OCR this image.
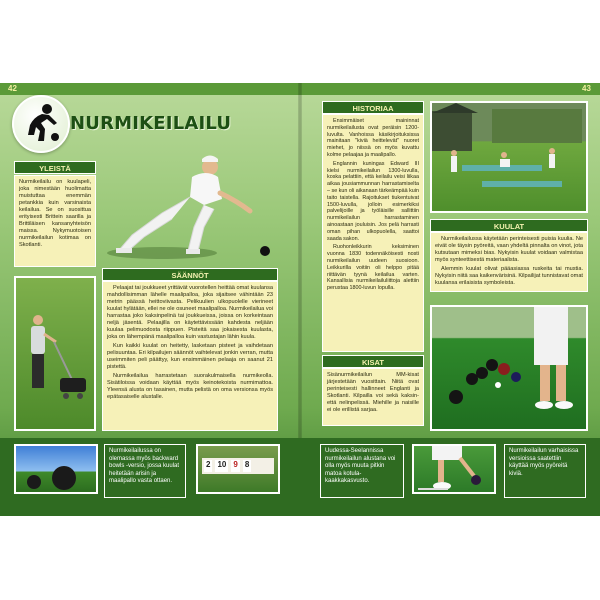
42	43
NURMIKEILAILU
YLEISTÄ
Nurmikeilailu on kuulapeli, joka nimestään huolimatta muistuttaa enemmän petankkia kuin varsinaista keilailua. Se on suosittua erityisesti Brittein saarilla ja Brittiläisen kansanyhteisön maissa. Nykymuotoisen nurmikeilailun kotimaa on Skotlanti.
SÄÄNNÖT

Pelaajat tai joukkueet yrittävät vuorotellen heittää omat kuulansa mahdollisimman lähelle maalipalloa, joka sijaitsee vähintään 23 metrin päässä heittoviivasta. Pelikuulien ulkopuolelle vierineet kuulat hylätään, ellei ne ole osuneet maalipalloa. Nurmikeilailua voi harrastaa joko kaksinpelinä tai joukkueissa, joissa on korkeintaan neljä jäsentä. Pelaajilla on käytettävissään kahdesta neljään kuulaa pelimuodosta riippuen. Pisteitä saa jokaisesta kuulasta, joka on lähempänä maalipalloa kuin vastustajan lähin kuula.

Kun kaikki kuulat on heitetty, lasketaan pisteet ja vaihdetaan pelisuuntaa. Eri kilpailujen säännöt vaihtelevat jonkin verran, mutta useimmiten peli päättyy, kun ensimmäinen pelaaja on saanut 21 pistettä.

Nurmikeilailua harrastetaan suorakulmaisella nurmikeolla. Sisätiloissa voidaan käyttää myös keinotekoista nurmimattoa. Yleensä alusta on tasainen, mutta pelistä on oma versionsa myös epätasaiselle alustalle.

HISTORIAA

Ensimmäiset maininnat nurmikeilailusta ovat peräisin 1200-luvulta. Vanhoissa käsikirjoituksissa mainitaan "kiviä heittelevät" nuoret miehet, jo niissä on myös kuvattu kolme pelaajaa ja maalipallo.

Englannin kuningas Edward III kielsi nurmikeilailun 1300-luvulla, koska pelattiin, että keilailu veisi liikaa aikaa jousiammunnan harrastamiselta – se kun oli aikanaan tärkeämpää kuin taito taistella. Rajoitukset tiukentuivat 1500-luvulla, jolloin esimerkiksi palvelijoille ja työläisille sallittiin nurmikeilailun harrastaminen ainoastaan jouluisin. Jos pelä harrasti oman pihan ulkopuolella, saattoi saada sakon.

Ruohonleikkurin keksiminen vuonna 1830 todennäköisesti nosti nurmikeilailun uudeen suosioon. Leikkurilla voitiin oli helppo pitää riittävän tyynä keilailua varten. Kansallisia nurmikeilailuliittoja alettiin perustaa 1800-luvun lopulla.

KISAT
Sisänurmikeilailun MM-kisat järjestetään vuosittain. Niitä ovat perinteisesti hallinneet Englanti ja Skotlanti. Kilpailla voi sekä kaksin- että nelinpelissä. Miehille ja naisille ei ole erillistä sarjaa.
KUULAT

Nurmikeilailussa käytetään perinteisesti puisia kuulia. Ne eivät ole täysin pyöreitä, vaan yhdeltä pinnalta on vinot, jota kutsutaan mimeksi bias. Nykyisin kuulat voidaan valmistaa myös synteettisestä materiaalista.

Alemmin kuulat olivat pääasiassa ruskeita tai mustia. Nykyisin niitä saa kaikenvärisinä. Kilpailijat tunnistavat omat kuulansa erilaisista symboleista.

Nurmikeilailussa on olemassa myös backward bowls -versio, jossa kuulat heitetään arisin ja maalipallo vasta ottaen.
2 10 9 8
Uudessa-Seelannissa nurmikeilailun alustana voi olla myös muuta pitkin matoa kotula-kaakkakasvusto.
Nurmikeilailun varhaisissa versioissa saatettiin käyttää myös pyöreitä kiviä.
